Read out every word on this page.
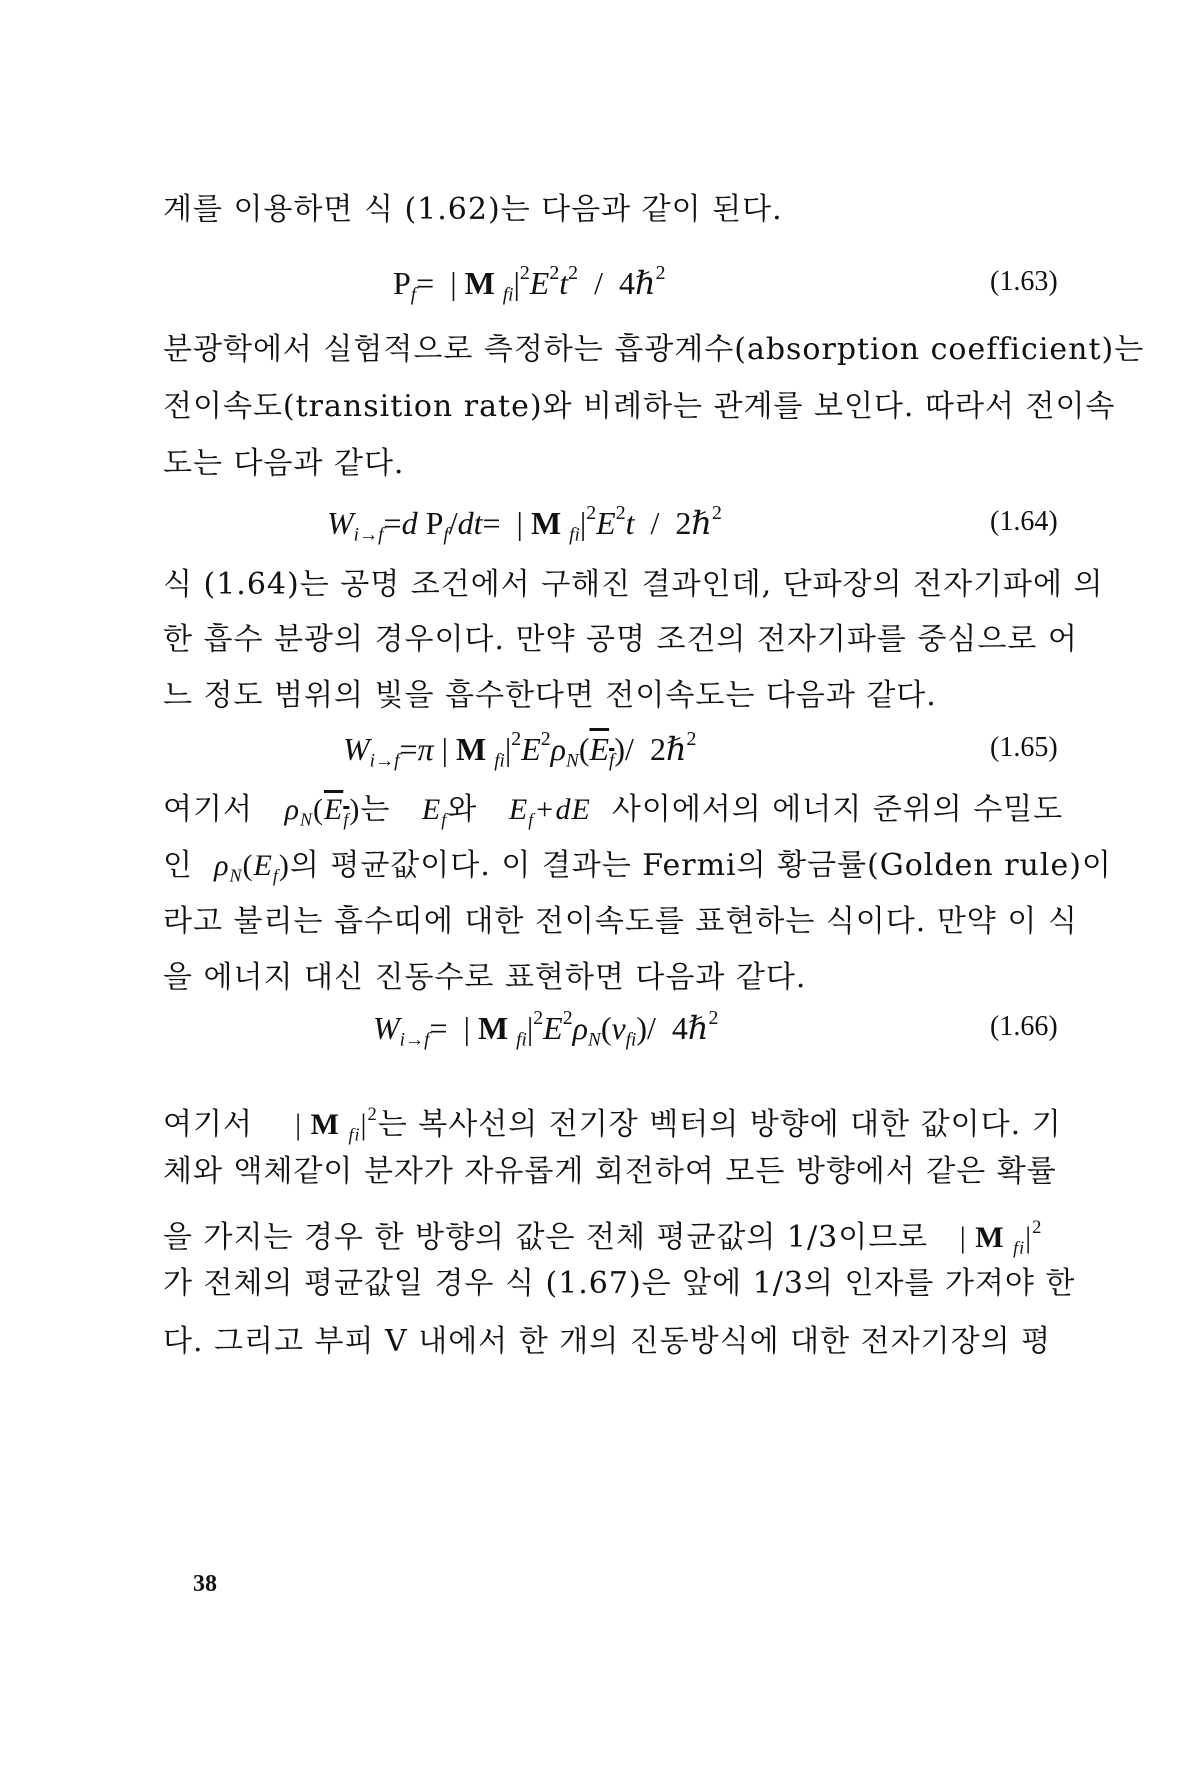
계를 이용하면 식 (1.62)는 다음과 같이 된다.
$P_f=$  | M $_{fi}|^2E^2t^2$  /  4ℏ$^2$	(1.63)
분광학에서 실험적으로 측정하는 흡광계수(absorption coefficient)는
전이속도(transition rate)와 비례하는 관계를 보인다. 따라서 전이속
도는 다음과 같다.
$W_{i\to f}=d$ $P_f/dt=$  | M $_{fi}|^2E^2t$  /  2ℏ$^2$	(1.64)
식 (1.64)는 공명 조건에서 구해진 결과인데, 단파장의 전자기파에 의
한 흡수 분광의 경우이다. 만약 공명 조건의 전자기파를 중심으로 어
느 정도 범위의 빛을 흡수한다면 전이속도는 다음과 같다.
$W_{i\to f}=\pi$ | M $_{fi}|^2E^2\rho_N(E_f)/$  2ℏ$^2$	(1.65)
여기서 $\rho_N(E_f)$는 $E_f$와 $E_f+dE$ 사이에서의 에너지 준위의 수밀도
인 $\rho_N(E_f)$의 평균값이다. 이 결과는 Fermi의 황금률(Golden rule)이
라고 불리는 흡수띠에 대한 전이속도를 표현하는 식이다. 만약 이 식
을 에너지 대신 진동수로 표현하면 다음과 같다.
$W_{i\to f}=$  | M $_{fi}|^2E^2\rho_N(\nu_{fi})/$  4ℏ$^2$	(1.66)
여기서 | M $_{fi}|^2$는 복사선의 전기장 벡터의 방향에 대한 값이다. 기
체와 액체같이 분자가 자유롭게 회전하여 모든 방향에서 같은 확률
을 가지는 경우 한 방향의 값은 전체 평균값의 1/3이므로 | M $_{fi}|^2$
가 전체의 평균값일 경우 식 (1.67)은 앞에 1/3의 인자를 가져야 한
다. 그리고 부피 V 내에서 한 개의 진동방식에 대한 전자기장의 평
38
